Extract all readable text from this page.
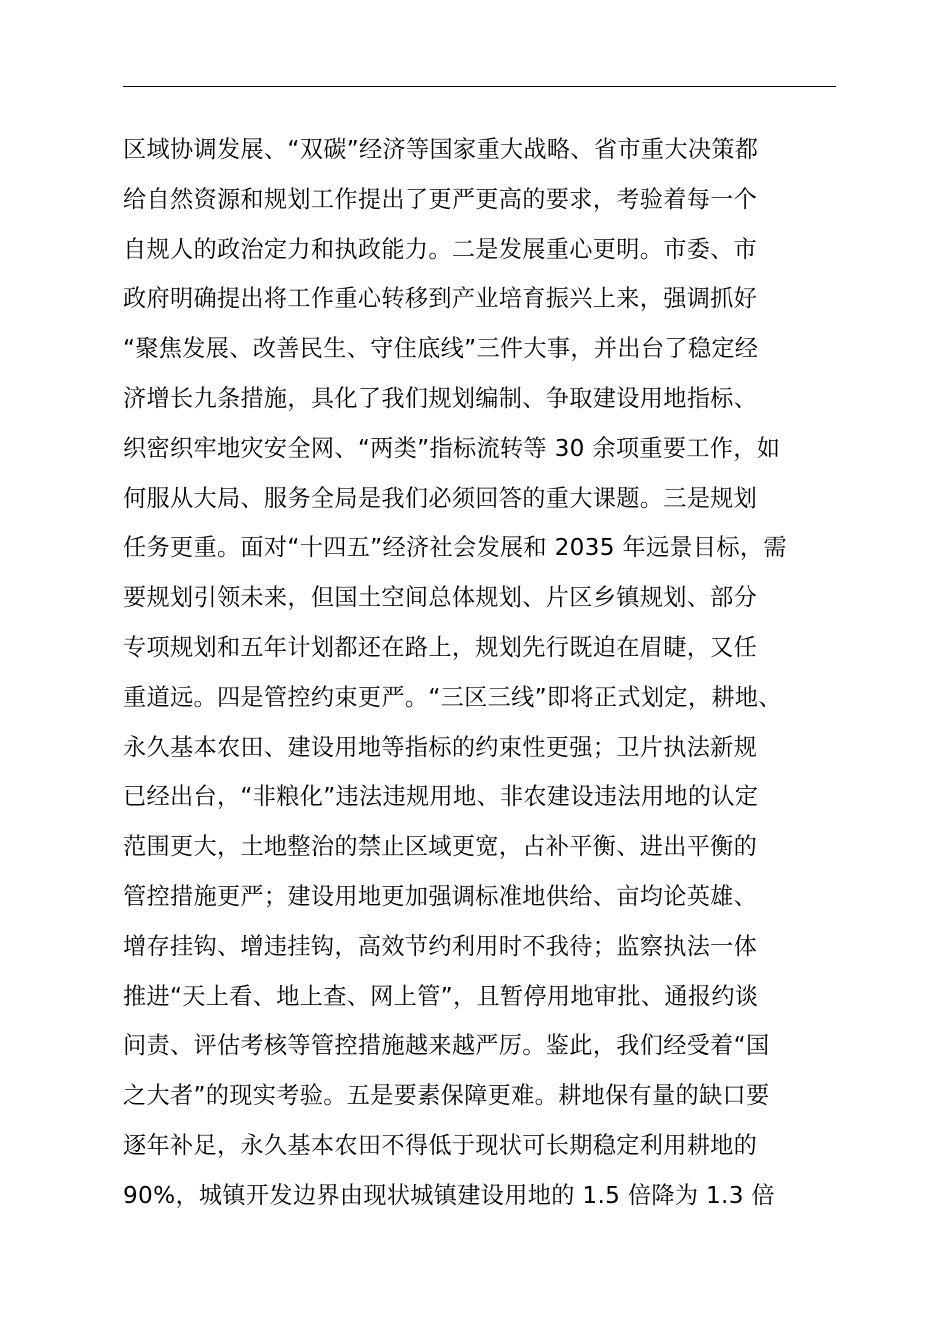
区域协调发展、“双碳”经济等国家重大战略、省市重大决策都
给自然资源和规划工作提出了更严更高的要求，考验着每一个
自规人的政治定力和执政能力。二是发展重心更明。市委、市
政府明确提出将工作重心转移到产业培育振兴上来，强调抓好
“聚焦发展、改善民生、守住底线”三件大事，并出台了稳定经
济增长九条措施，具化了我们规划编制、争取建设用地指标、
织密织牢地灾安全网、“两类”指标流转等 30 余项重要工作，如
何服从大局、服务全局是我们必须回答的重大课题。三是规划
任务更重。面对“十四五”经济社会发展和 2035 年远景目标，需
要规划引领未来，但国土空间总体规划、片区乡镇规划、部分
专项规划和五年计划都还在路上，规划先行既迫在眉睫，又任
重道远。四是管控约束更严。“三区三线”即将正式划定，耕地、
永久基本农田、建设用地等指标的约束性更强；卫片执法新规
已经出台，“非粮化”违法违规用地、非农建设违法用地的认定
范围更大，土地整治的禁止区域更宽，占补平衡、进出平衡的
管控措施更严；建设用地更加强调标准地供给、亩均论英雄、
增存挂钩、增违挂钩，高效节约利用时不我待；监察执法一体
推进“天上看、地上查、网上管”，且暂停用地审批、通报约谈
问责、评估考核等管控措施越来越严厉。鉴此，我们经受着“国
之大者”的现实考验。五是要素保障更难。耕地保有量的缺口要
逐年补足，永久基本农田不得低于现状可长期稳定利用耕地的
90%，城镇开发边界由现状城镇建设用地的 1.5 倍降为 1.3 倍
